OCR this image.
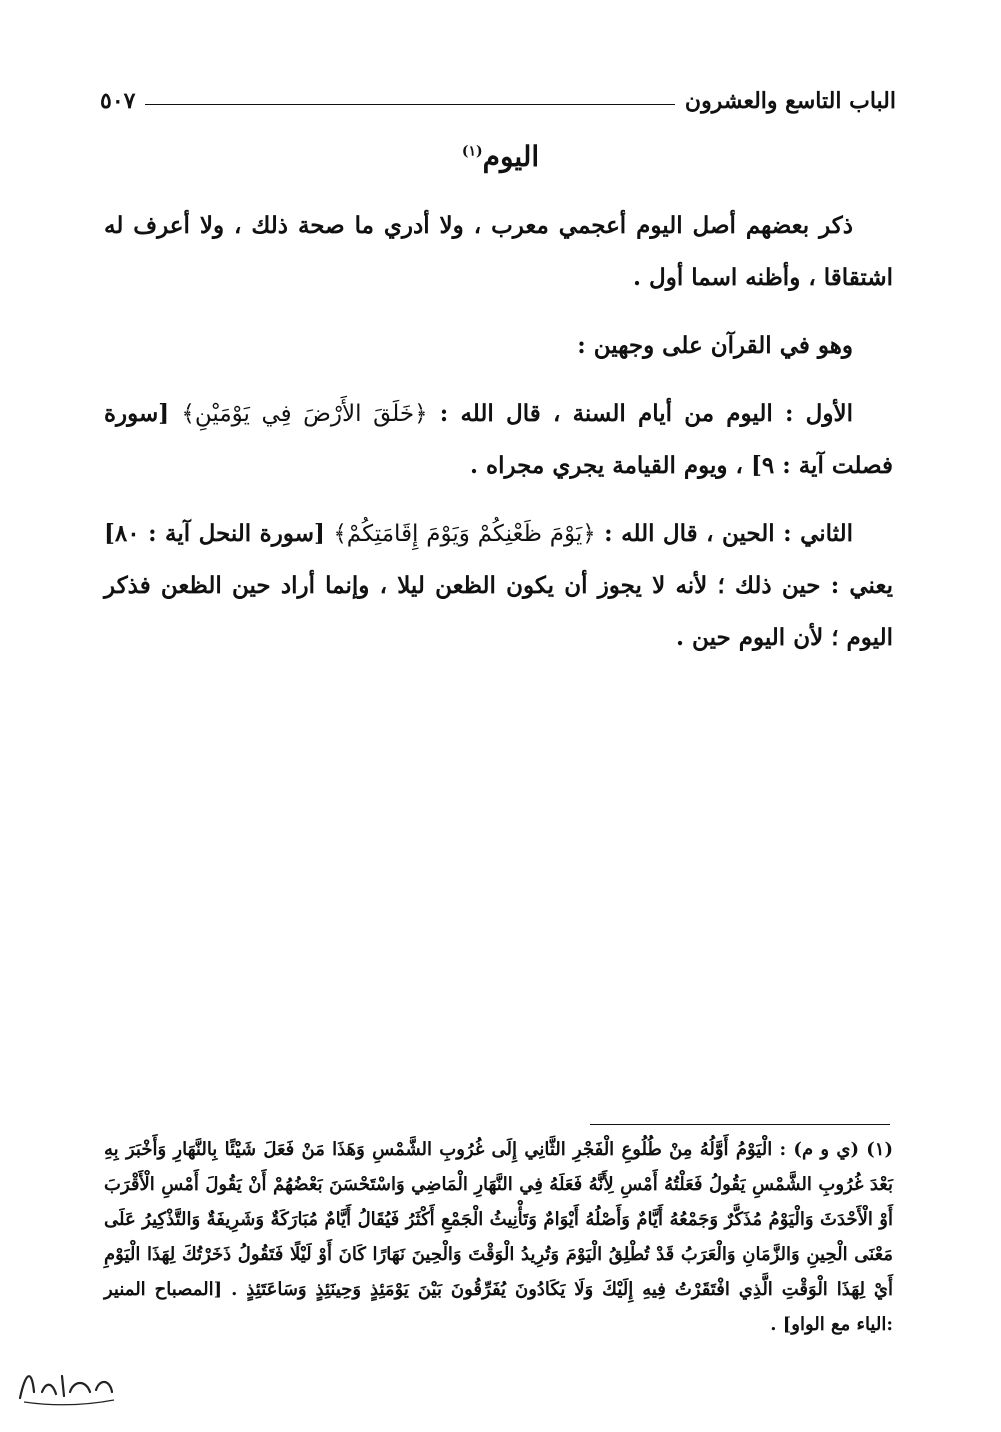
الباب التاسع والعشرون
٥٠٧
اليوم$^{(١)}$

ذكر بعضهم أصل اليوم أعجمي معرب ، ولا أدري ما صحة ذلك ، ولا أعرف له اشتقاقا ، وأظنه اسما أول .

وهو في القرآن على وجهين :

الأول : اليوم من أيام السنة ، قال الله : ﴿خَلَقَ الأَرْضَ فِي يَوْمَيْنِ﴾ [سورة فصلت آية : ٩] ، ويوم القيامة يجري مجراه .

الثاني : الحين ، قال الله : ﴿يَوْمَ ظَعْنِكُمْ وَيَوْمَ إِقَامَتِكُمْ﴾ [سورة النحل آية : ٨٠] يعني : حين ذلك ؛ لأنه لا يجوز أن يكون الظعن ليلا ، وإنما أراد حين الظعن فذكر اليوم ؛ لأن اليوم حين .

(١) (ي و م) : الْيَوْمُ أَوَّلُهُ مِنْ طُلُوعِ الْفَجْرِ الثَّانِي إِلَى غُرُوبِ الشَّمْسِ وَهَذَا مَنْ فَعَلَ شَيْئًا بِالنَّهَارِ وَأَخْبَرَ بِهِ بَعْدَ غُرُوبِ الشَّمْسِ يَقُولُ فَعَلْتُهُ أَمْسِ لِأَنَّهُ فَعَلَهُ فِي النَّهَارِ الْمَاضِي وَاسْتَحْسَنَ بَعْضُهُمْ أَنْ يَقُولَ أَمْسِ الْأَقْرَبَ أَوْ الْأَحْدَثَ وَالْيَوْمُ مُذَكَّرٌ وَجَمْعُهُ أَيَّامٌ وَأَصْلُهُ أَيْوَامٌ وَتَأْنِيثُ الْجَمْعِ أَكْثَرُ فَيُقَالُ أَيَّامٌ مُبَارَكَةٌ وَشَرِيفَةٌ وَالتَّذْكِيرُ عَلَى مَعْنَى الْحِينِ وَالزَّمَانِ وَالْعَرَبُ قَدْ تُطْلِقُ الْيَوْمَ وَتُرِيدُ الْوَقْتَ وَالْحِينَ نَهَارًا كَانَ أَوْ لَيْلًا فَتَقُولُ ذَخَرْتُكَ لِهَذَا الْيَوْمِ أَيْ لِهَذَا الْوَقْتِ الَّذِي افْتَقَرْتُ فِيهِ إِلَيْكَ وَلَا يَكَادُونَ يُفَرِّقُونَ بَيْنَ يَوْمَئِذٍ وَحِينَئِذٍ وَسَاعَتَئِذٍ . [المصباح المنير :الياء مع الواو] .
